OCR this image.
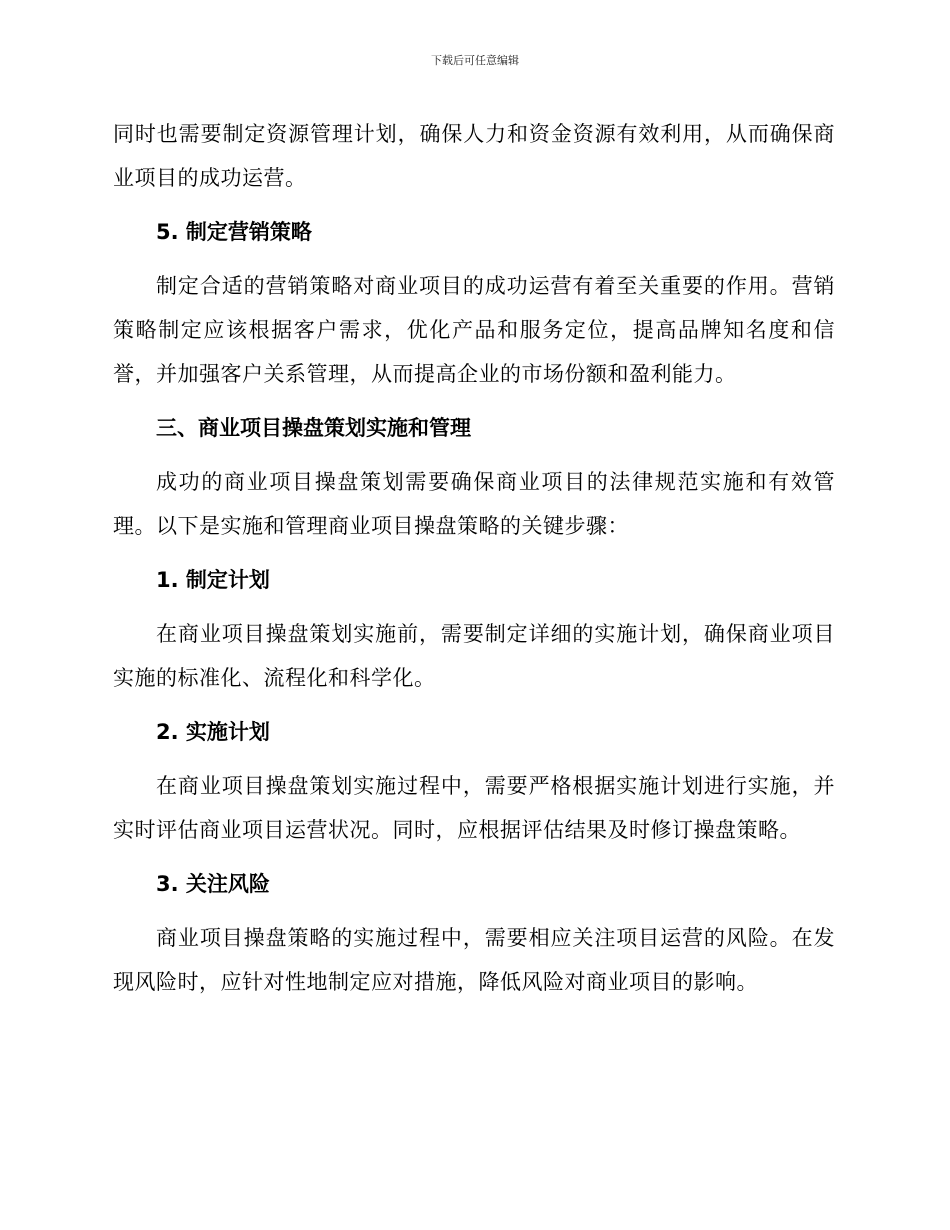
下载后可任意编辑

同时也需要制定资源管理计划，确保人力和资金资源有效利用，从而确保商业项目的成功运营。

5. 制定营销策略

制定合适的营销策略对商业项目的成功运营有着至关重要的作用。营销策略制定应该根据客户需求，优化产品和服务定位，提高品牌知名度和信誉，并加强客户关系管理，从而提高企业的市场份额和盈利能力。

三、商业项目操盘策划实施和管理

成功的商业项目操盘策划需要确保商业项目的法律规范实施和有效管理。以下是实施和管理商业项目操盘策略的关键步骤：

1. 制定计划

在商业项目操盘策划实施前，需要制定详细的实施计划，确保商业项目实施的标准化、流程化和科学化。

2. 实施计划

在商业项目操盘策划实施过程中，需要严格根据实施计划进行实施，并实时评估商业项目运营状况。同时，应根据评估结果及时修订操盘策略。

3. 关注风险

商业项目操盘策略的实施过程中，需要相应关注项目运营的风险。在发现风险时，应针对性地制定应对措施，降低风险对商业项目的影响。
